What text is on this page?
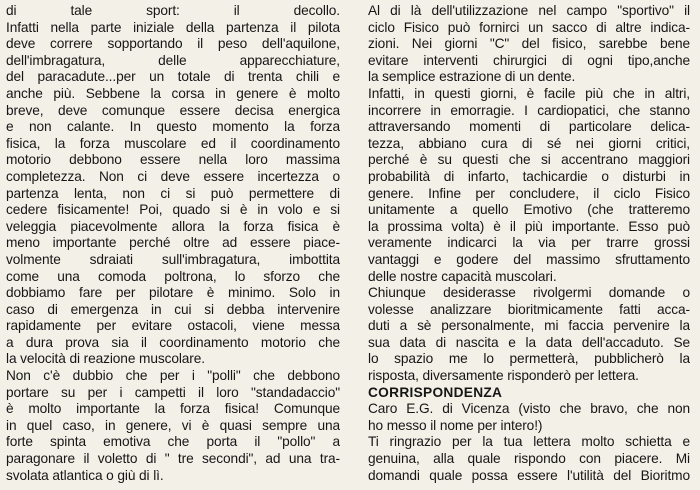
di tale sport: il decollo.
Infatti nella parte iniziale della partenza il pilota
deve correre sopportando il peso dell'aquilone,
dell'imbragatura, delle apparecchiature,
del paracadute...per un totale di trenta chili e
anche più. Sebbene la corsa in genere è molto
breve, deve comunque essere decisa energica
e non calante. In questo momento la forza
fisica, la forza muscolare ed il coordinamento
motorio debbono essere nella loro massima
completezza. Non ci deve essere incertezza o
partenza lenta, non ci si può permettere di
cedere fisicamente! Poi, quado si è in volo e si
veleggia piacevolmente allora la forza fisica è
meno importante perché oltre ad essere piace-
volmente sdraiati sull'imbragatura, imbottita
come una comoda poltrona, lo sforzo che
dobbiamo fare per pilotare è minimo. Solo in
caso di emergenza in cui si debba intervenire
rapidamente per evitare ostacoli, viene messa
a dura prova sia il coordinamento motorio che
la velocità di reazione muscolare.
Non c'è dubbio che per i "polli" che debbono
portare su per i campetti il loro "standadaccio"
è molto importante la forza fisica! Comunque
in quel caso, in genere, vi è quasi sempre una
forte spinta emotiva che porta il "pollo" a
paragonare il voletto di " tre secondi", ad una tra-
svolata atlantica o giù di lì.
Al di là dell'utilizzazione nel campo "sportivo" il
ciclo Fisico può fornirci un sacco di altre indica-
zioni. Nei giorni "C" del fisico, sarebbe bene
evitare interventi chirurgici di ogni tipo,anche
la semplice estrazione di un dente.
Infatti, in questi giorni, è facile più che in altri,
incorrere in emorragie. I cardiopatici, che stanno
attraversando momenti di particolare delica-
tezza, abbiano cura di sé nei giorni critici,
perché è su questi che si accentrano maggiori
probabilità di infarto, tachicardie o disturbi in
genere. Infine per concludere, il ciclo Fisico
unitamente a quello Emotivo (che tratteremo
la prossima volta) è il più importante. Esso può
veramente indicarci la via per trarre grossi
vantaggi e godere del massimo sfruttamento
delle nostre capacità muscolari.
Chiunque desiderasse rivolgermi domande o
volesse analizzare bioritmicamente fatti acca-
duti a sè personalmente, mi faccia pervenire la
sua data di nascita e la data dell'accaduto. Se
lo spazio me lo permetterà, pubblicherò la
risposta, diversamente risponderò per lettera.
CORRISPONDENZA
Caro E.G. di Vicenza (visto che bravo, che non
ho messo il nome per intero!)
Ti ringrazio per la tua lettera molto schietta e
genuina, alla quale rispondo con piacere. Mi
domandi quale possa essere l'utilità del Bioritmo
